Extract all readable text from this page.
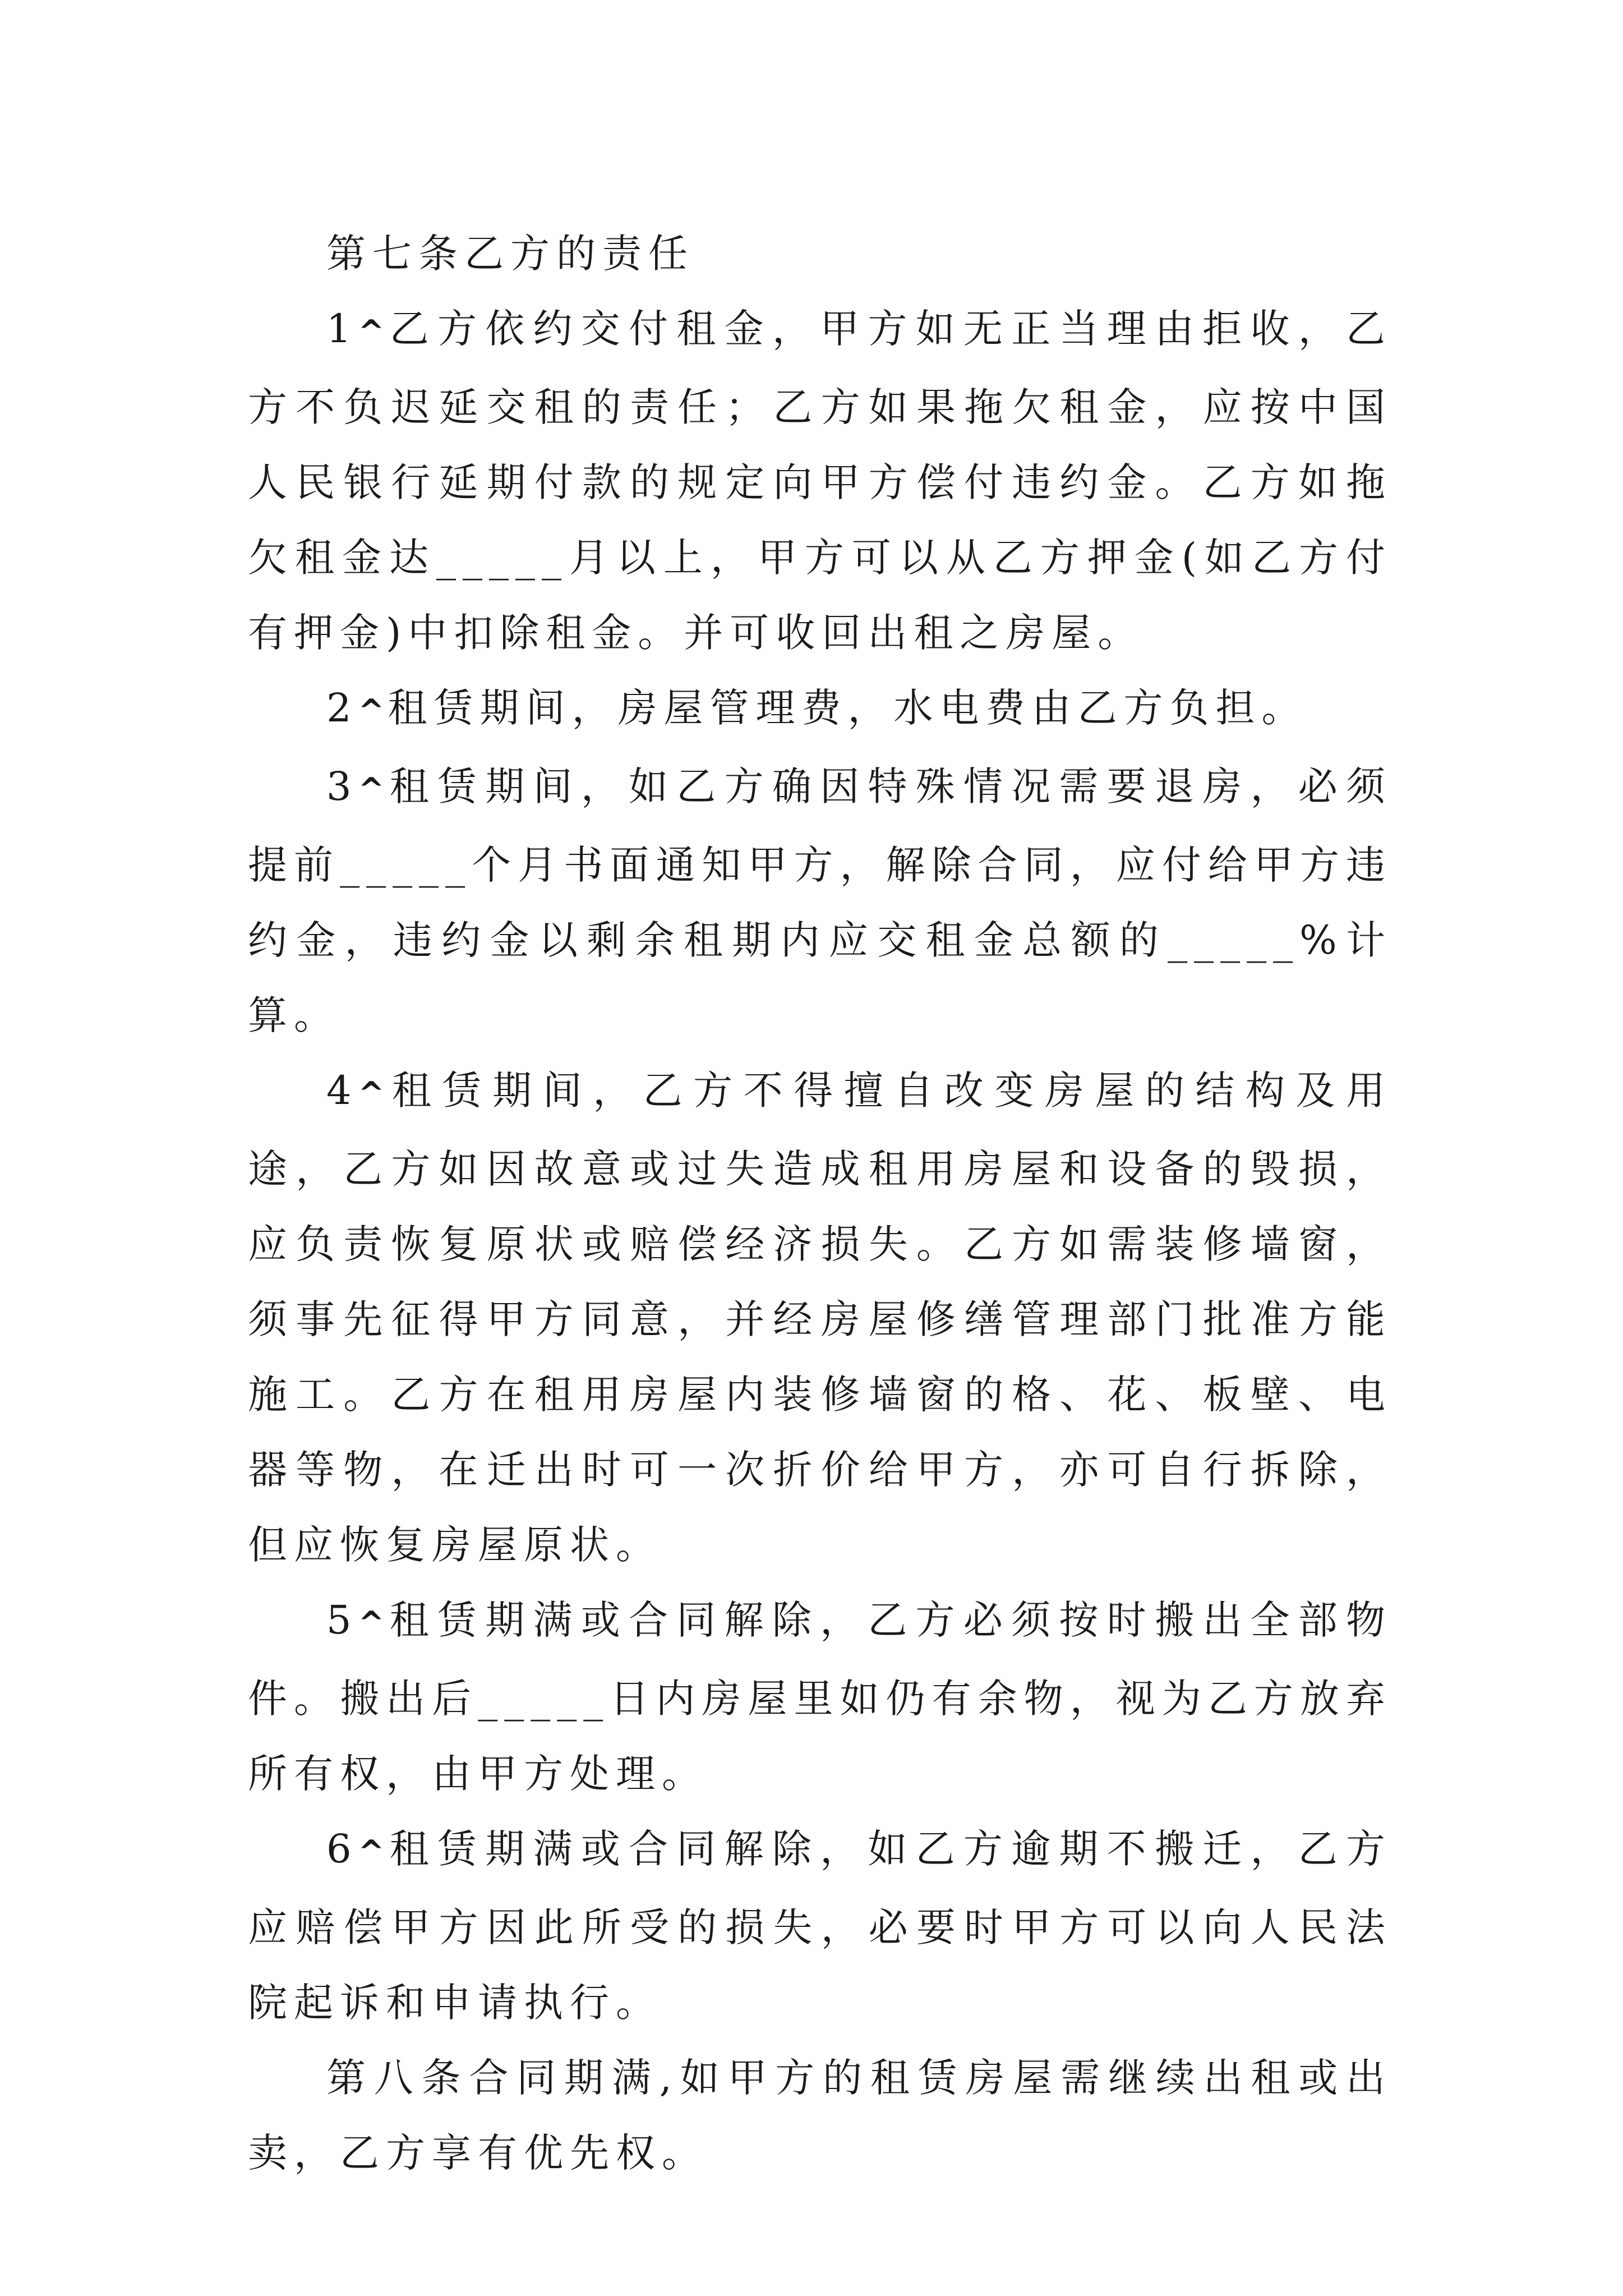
第七条乙方的责任

1^乙方依约交付租金，甲方如无正当理由拒收，乙方不负迟延交租的责任；乙方如果拖欠租金，应按中国人民银行延期付款的规定向甲方偿付违约金。乙方如拖欠租金达_____月以上，甲方可以从乙方押金(如乙方付有押金)中扣除租金。并可收回出租之房屋。

2^租赁期间，房屋管理费，水电费由乙方负担。

3^租赁期间，如乙方确因特殊情况需要退房，必须提前_____个月书面通知甲方，解除合同，应付给甲方违约金，违约金以剩余租期内应交租金总额的_____%计算。

4^租赁期间，乙方不得擅自改变房屋的结构及用途，乙方如因故意或过失造成租用房屋和设备的毁损，应负责恢复原状或赔偿经济损失。乙方如需装修墙窗，须事先征得甲方同意，并经房屋修缮管理部门批准方能施工。乙方在租用房屋内装修墙窗的格、花、板壁、电器等物，在迁出时可一次折价给甲方，亦可自行拆除，但应恢复房屋原状。

5^租赁期满或合同解除，乙方必须按时搬出全部物件。搬出后_____日内房屋里如仍有余物，视为乙方放弃所有权，由甲方处理。

6^租赁期满或合同解除，如乙方逾期不搬迁，乙方应赔偿甲方因此所受的损失，必要时甲方可以向人民法院起诉和申请执行。

第八条合同期满,如甲方的租赁房屋需继续出租或出卖，乙方享有优先权。
